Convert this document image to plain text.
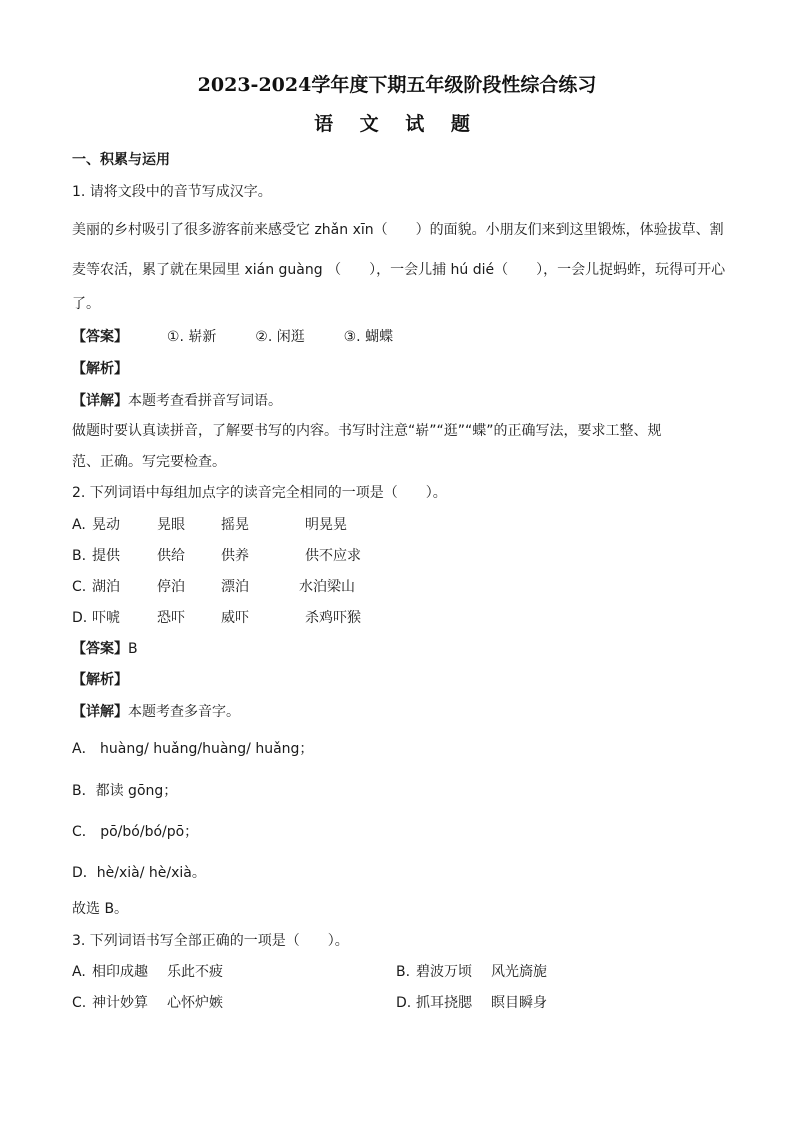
2023-2024学年度下期五年级阶段性综合练习
语 文 试 题
一、积累与运用
1. 请将文段中的音节写成汉字。
美丽的乡村吸引了很多游客前来感受它 zhǎn xīn（　　）的面貌。小朋友们来到这里锻炼，体验拔草、割
麦等农活，累了就在果园里 xián guàng （　　），一会儿捕 hú dié（　　），一会儿捉蚂蚱，玩得可开心
了。
【答案】	①. 崭新	②. 闲逛	③. 蝴蝶
【解析】
【详解】本题考查看拼音写词语。
做题时要认真读拼音，了解要书写的内容。书写时注意“崭”“逛”“蝶”的正确写法，要求工整、规
范、正确。写完要检查。
2. 下列词语中每组加点字的读音完全相同的一项是（　　）。
A. 晃动	晃眼	摇晃	明晃晃
B. 提供	供给	供养	供不应求
C. 湖泊	停泊	漂泊	水泊梁山
D. 吓唬	恐吓	威吓	杀鸡吓猴
【答案】B
【解析】
【详解】本题考查多音字。
A． huàng/ huǎng/huàng/ huǎng；
B．都读 gōng；
C． pō/bó/bó/pō；
D．hè/xià/ hè/xià。
故选 B。
3. 下列词语书写全部正确的一项是（　　）。
A. 相印成趣 乐此不疲	B. 碧波万顷 风光旖旎
C. 神计妙算 心怀炉嫉	D. 抓耳挠腮 瞑目瞬身
